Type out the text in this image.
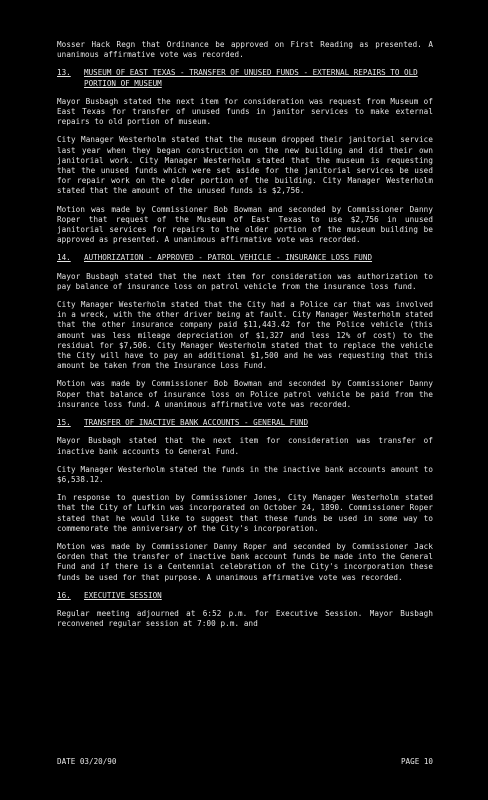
Mosser Hack Regn that Ordinance be approved on First Reading as presented. A unanimous affirmative vote was recorded.

13.	MUSEUM OF EAST TEXAS - TRANSFER OF UNUSED FUNDS - EXTERNAL REPAIRS TO OLD PORTION OF MUSEUM

Mayor Busbagh stated the next item for consideration was request from Museum of East Texas for transfer of unused funds in janitor services to make external repairs to old portion of museum.

City Manager Westerholm stated that the museum dropped their janitorial service last year when they began construction on the new building and did their own janitorial work. City Manager Westerholm stated that the museum is requesting that the unused funds which were set aside for the janitorial services be used for repair work on the older portion of the building. City Manager Westerholm stated that the amount of the unused funds is $2,756.

Motion was made by Commissioner Bob Bowman and seconded by Commissioner Danny Roper that request of the Museum of East Texas to use $2,756 in unused janitorial services for repairs to the older portion of the museum building be approved as presented. A unanimous affirmative vote was recorded.

14.	AUTHORIZATION - APPROVED - PATROL VEHICLE - INSURANCE LOSS FUND

Mayor Busbagh stated that the next item for consideration was authorization to pay balance of insurance loss on patrol vehicle from the insurance loss fund.

City Manager Westerholm stated that the City had a Police car that was involved in a wreck, with the other driver being at fault. City Manager Westerholm stated that the other insurance company paid $11,443.42 for the Police vehicle (this amount was less mileage depreciation of $1,327 and less 12% of cost) to the residual for $7,506. City Manager Westerholm stated that to replace the vehicle the City will have to pay an additional $1,500 and he was requesting that this amount be taken from the Insurance Loss Fund.

Motion was made by Commissioner Bob Bowman and seconded by Commissioner Danny Roper that balance of insurance loss on Police patrol vehicle be paid from the insurance loss fund. A unanimous affirmative vote was recorded.

15.	TRANSFER OF INACTIVE BANK ACCOUNTS - GENERAL FUND

Mayor Busbagh stated that the next item for consideration was transfer of inactive bank accounts to General Fund.

City Manager Westerholm stated the funds in the inactive bank accounts amount to $6,538.12.

In response to question by Commissioner Jones, City Manager Westerholm stated that the City of Lufkin was incorporated on October 24, 1890. Commissioner Roper stated that he would like to suggest that these funds be used in some way to commemorate the anniversary of the City's incorporation.

Motion was made by Commissioner Danny Roper and seconded by Commissioner Jack Gorden that the transfer of inactive bank account funds be made into the General Fund and if there is a Centennial celebration of the City's incorporation these funds be used for that purpose. A unanimous affirmative vote was recorded.

16.	EXECUTIVE SESSION

Regular meeting adjourned at 6:52 p.m. for Executive Session. Mayor Busbagh reconvened regular session at 7:00 p.m. and

DATE 03/20/90	PAGE 10
